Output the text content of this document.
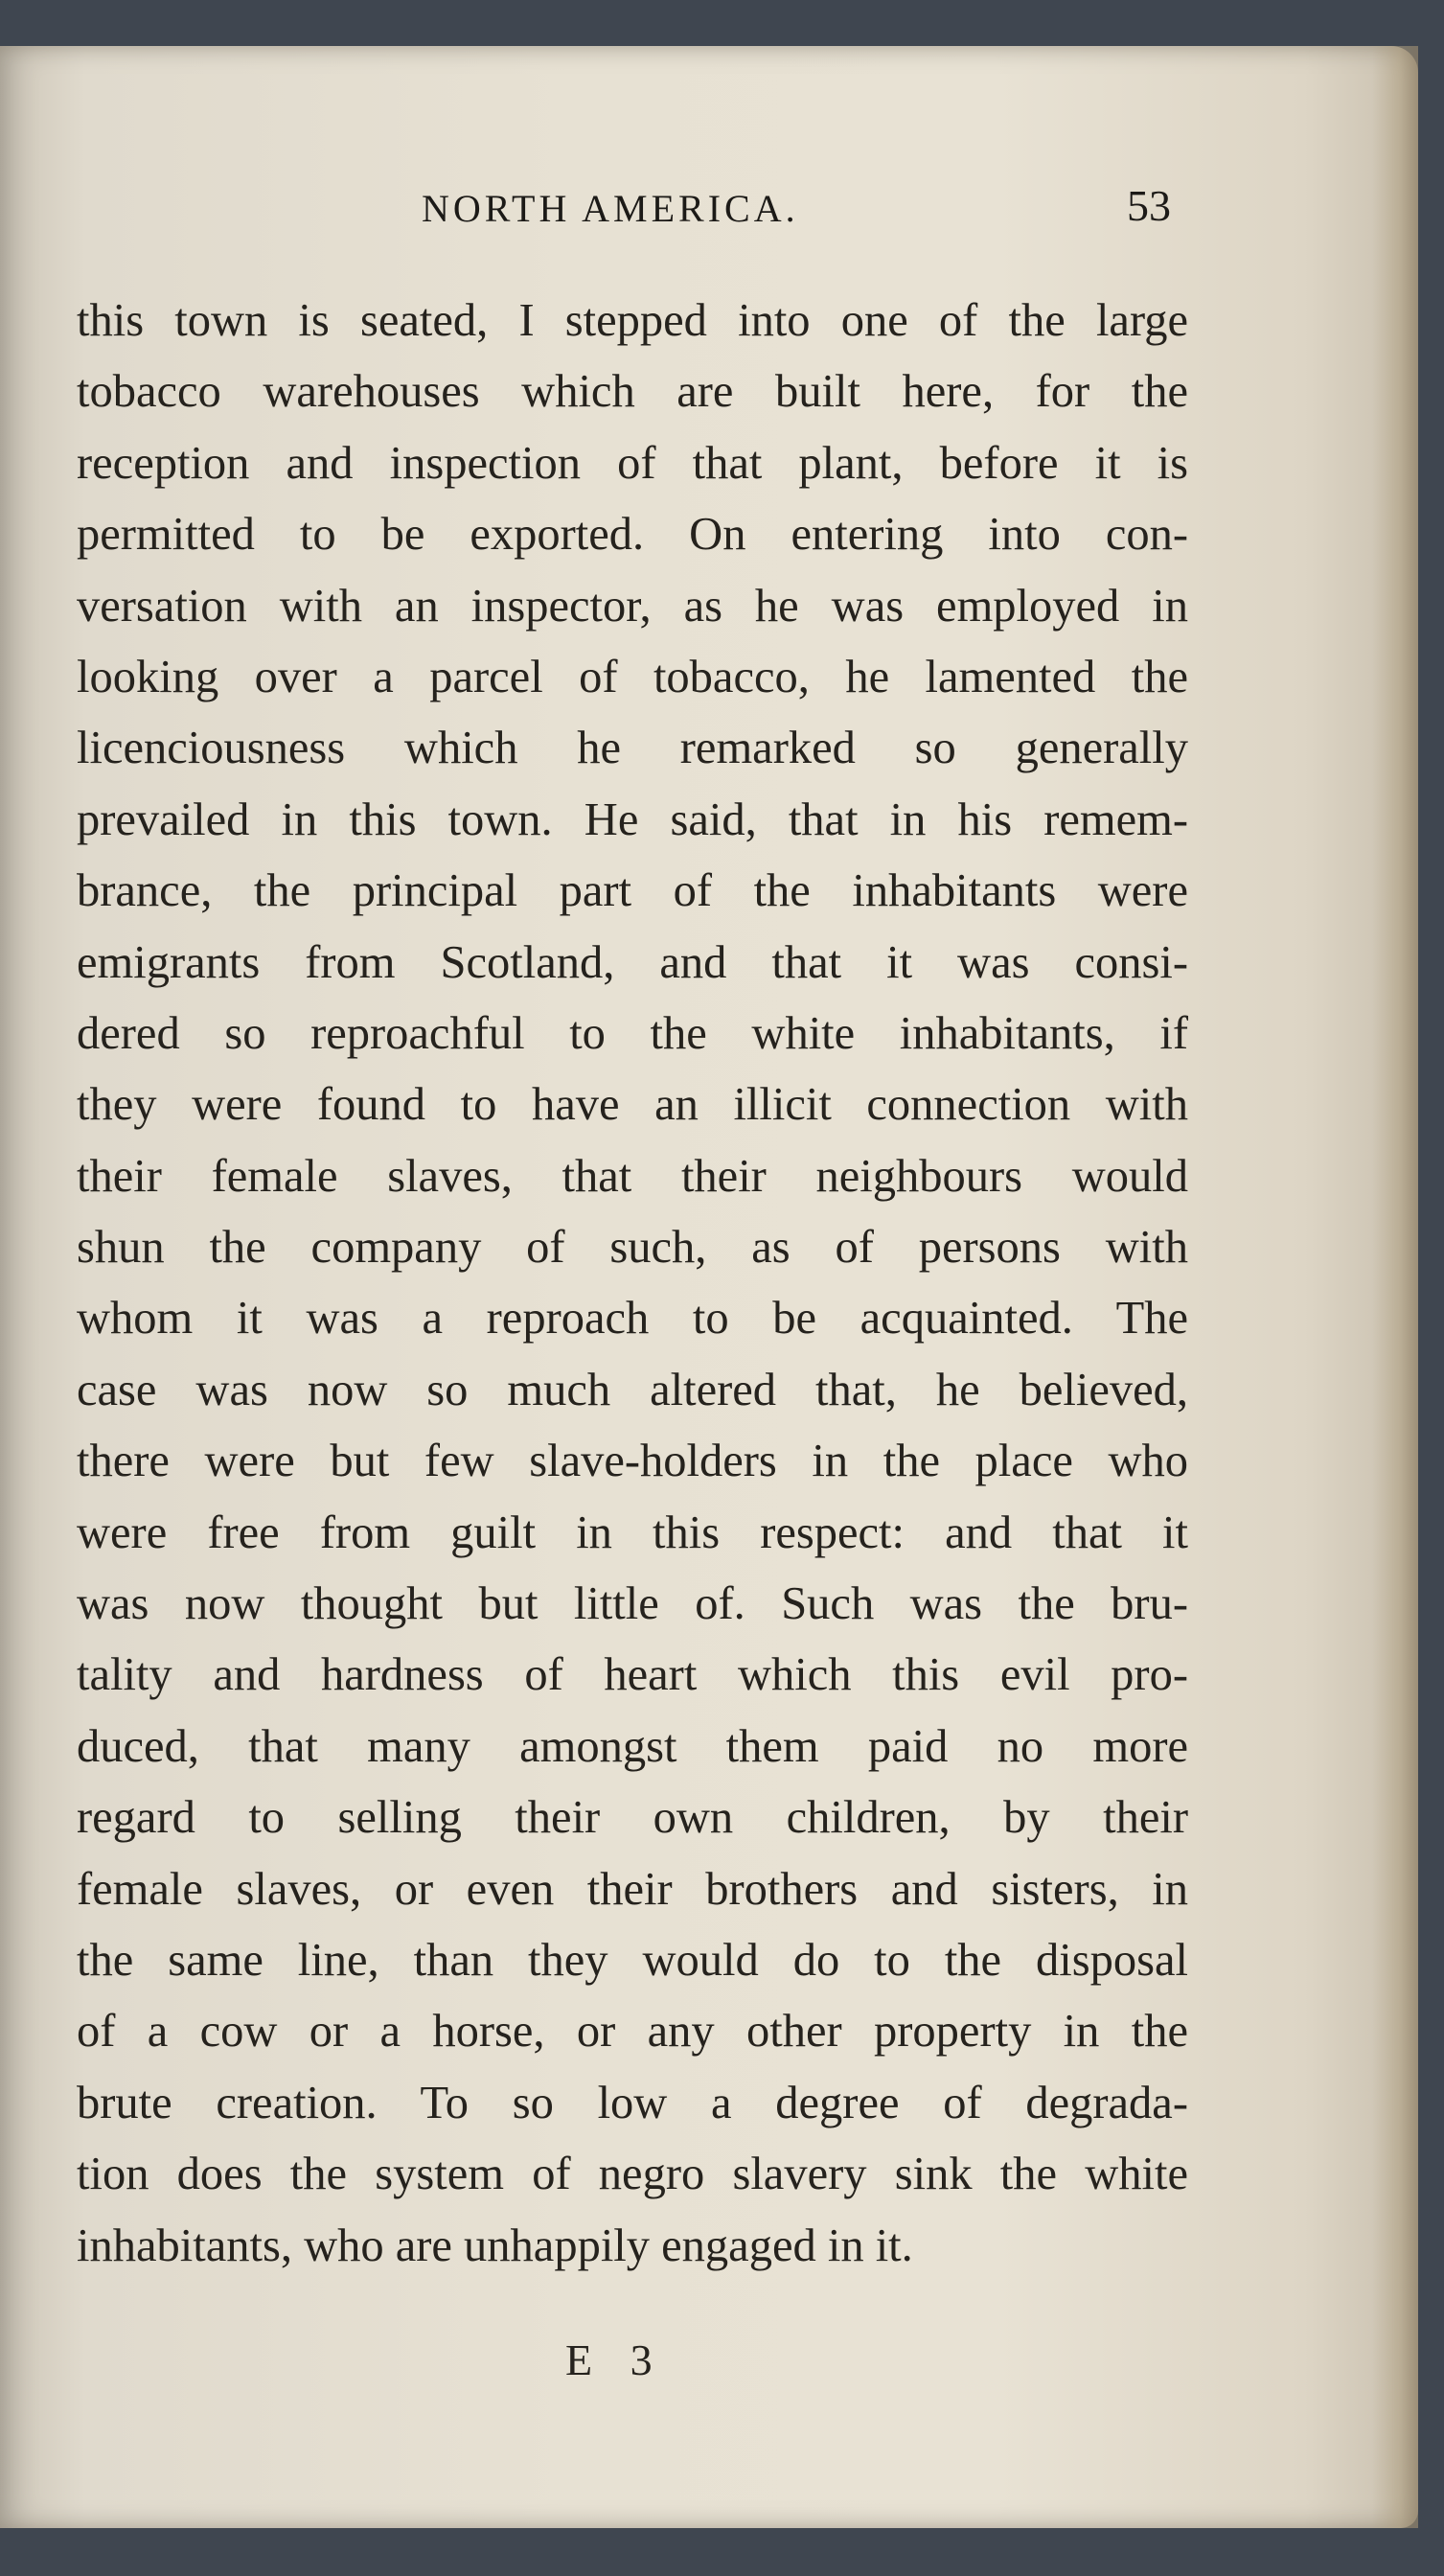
NORTH AMERICA.	53
this town is seated, I stepped into one of the large
tobacco warehouses which are built here, for the
reception and inspection of that plant, before it is
permitted to be exported. On entering into con-
versation with an inspector, as he was employed in
looking over a parcel of tobacco, he lamented the
licenciousness which he remarked so generally
prevailed in this town. He said, that in his remem-
brance, the principal part of the inhabitants were
emigrants from Scotland, and that it was consi-
dered so reproachful to the white inhabitants, if
they were found to have an illicit connection with
their female slaves, that their neighbours would
shun the company of such, as of persons with
whom it was a reproach to be acquainted. The
case was now so much altered that, he believed,
there were but few slave-holders in the place who
were free from guilt in this respect: and that it
was now thought but little of. Such was the bru-
tality and hardness of heart which this evil pro-
duced, that many amongst them paid no more
regard to selling their own children, by their
female slaves, or even their brothers and sisters, in
the same line, than they would do to the disposal
of a cow or a horse, or any other property in the
brute creation. To so low a degree of degrada-
tion does the system of negro slavery sink the white
inhabitants, who are unhappily engaged in it.
E 3
